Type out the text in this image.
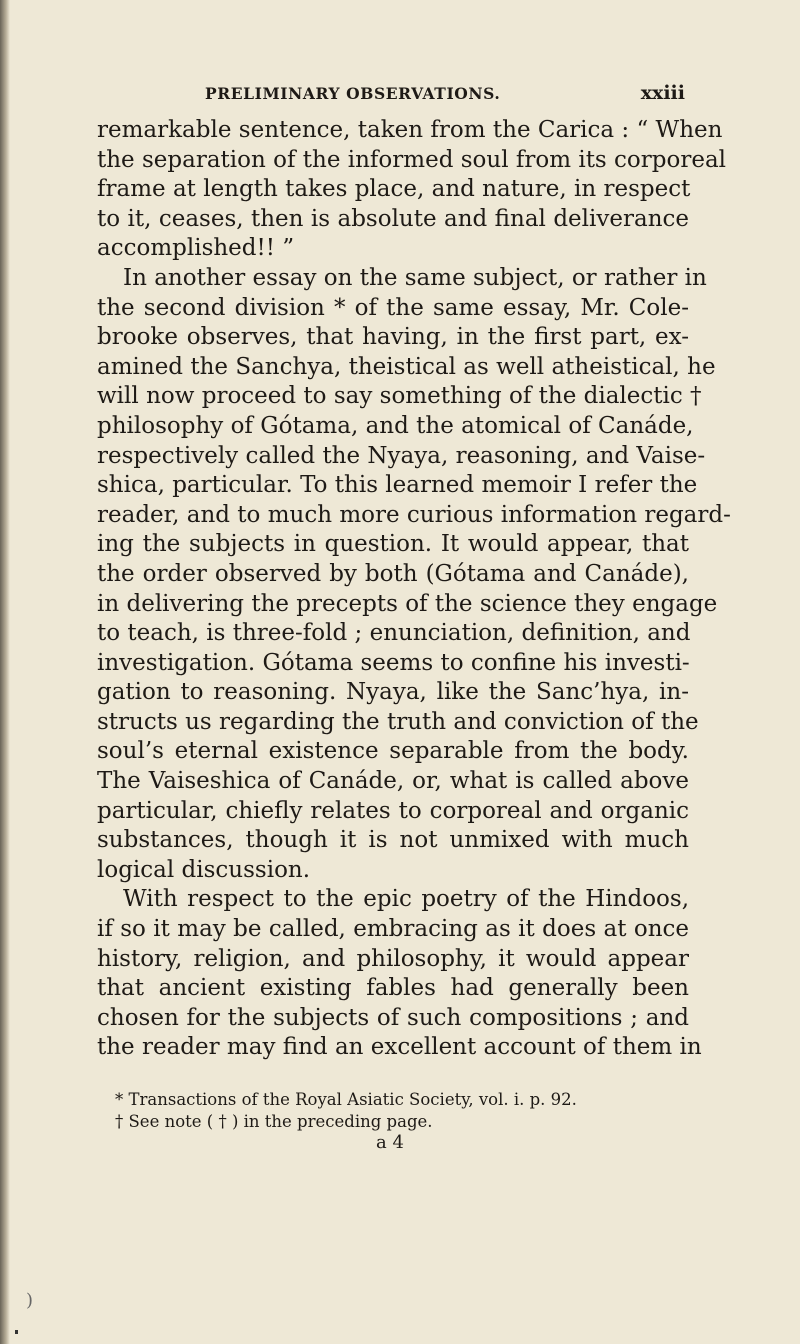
PRELIMINARY OBSERVATIONS.	xxiii
remarkable sentence, taken from the Carica : “ When
the separation of the informed soul from its corporeal
frame at length takes place, and nature, in respect
to it, ceases, then is absolute and final deliverance
accomplished!! ”
In another essay on the same subject, or rather in
the second division * of the same essay, Mr. Cole-
brooke observes, that having, in the first part, ex-
amined the Sanchya, theistical as well atheistical, he
will now proceed to say something of the dialectic †
philosophy of Gótama, and the atomical of Canáde,
respectively called the Nyaya, reasoning, and Vaise-
shica, particular. To this learned memoir I refer the
reader, and to much more curious information regard-
ing the subjects in question. It would appear, that
the order observed by both (Gótama and Canáde),
in delivering the precepts of the science they engage
to teach, is three-fold ; enunciation, definition, and
investigation. Gótama seems to confine his investi-
gation to reasoning. Nyaya, like the Sanc’hya, in-
structs us regarding the truth and conviction of the
soul’s eternal existence separable from the body.
The Vaiseshica of Canáde, or, what is called above
particular, chiefly relates to corporeal and organic
substances, though it is not unmixed with much
logical discussion.
With respect to the epic poetry of the Hindoos,
if so it may be called, embracing as it does at once
history, religion, and philosophy, it would appear
that ancient existing fables had generally been
chosen for the subjects of such compositions ; and
the reader may find an excellent account of them in
* Transactions of the Royal Asiatic Society, vol. i. p. 92.
† See note ( † ) in the preceding page.
a 4
)
